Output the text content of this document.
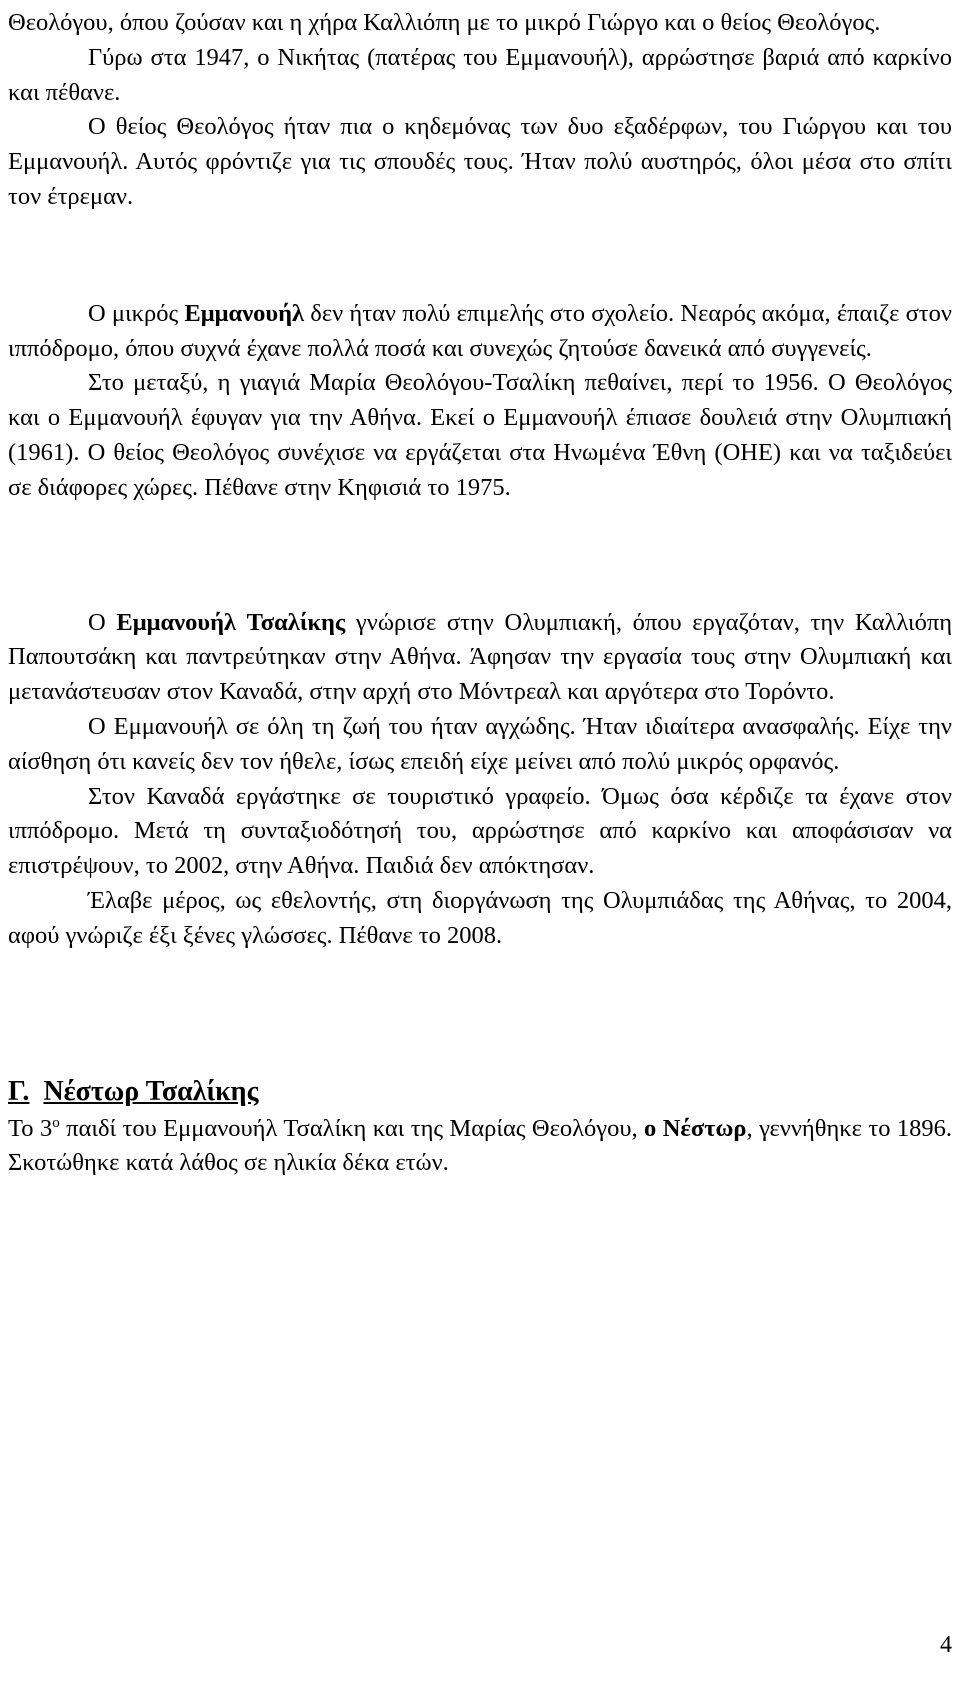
Θεολόγου, όπου ζούσαν και η χήρα Καλλιόπη με το μικρό Γιώργο και ο θείος Θεολόγος.

Γύρω στα 1947, ο Νικήτας (πατέρας του Εμμανουήλ), αρρώστησε βαριά από καρκίνο και πέθανε.

Ο θείος Θεολόγος ήταν πια ο κηδεμόνας των δυο εξαδέρφων, του Γιώργου και του Εμμανουήλ. Αυτός φρόντιζε για τις σπουδές τους. Ήταν πολύ αυστηρός, όλοι μέσα στο σπίτι τον έτρεμαν.

Ο μικρός Εμμανουήλ δεν ήταν πολύ επιμελής στο σχολείο. Νεαρός ακόμα, έπαιζε στον ιππόδρομο, όπου συχνά έχανε πολλά ποσά και συνεχώς ζητούσε δανεικά από συγγενείς.

Στο μεταξύ, η γιαγιά Μαρία Θεολόγου-Τσαλίκη πεθαίνει, περί το 1956. Ο Θεολόγος και ο Εμμανουήλ έφυγαν για την Αθήνα. Εκεί ο Εμμανουήλ έπιασε δουλειά στην Ολυμπιακή (1961). Ο θείος Θεολόγος συνέχισε να εργάζεται στα Ηνωμένα Έθνη (ΟΗΕ) και να ταξιδεύει σε διάφορες χώρες. Πέθανε στην Κηφισιά το 1975.

Ο Εμμανουήλ Τσαλίκης γνώρισε στην Ολυμπιακή, όπου εργαζόταν, την Καλλιόπη Παπουτσάκη και παντρεύτηκαν στην Αθήνα. Άφησαν την εργασία τους στην Ολυμπιακή και μετανάστευσαν στον Καναδά, στην αρχή στο Μόντρεαλ και αργότερα στο Τορόντο.

Ο Εμμανουήλ σε όλη τη ζωή του ήταν αγχώδης. Ήταν ιδιαίτερα ανασφαλής. Είχε την αίσθηση ότι κανείς δεν τον ήθελε, ίσως επειδή είχε μείνει από πολύ μικρός ορφανός.

Στον Καναδά εργάστηκε σε τουριστικό γραφείο. Όμως όσα κέρδιζε τα έχανε στον ιππόδρομο. Μετά τη συνταξιοδότησή του, αρρώστησε από καρκίνο και αποφάσισαν να επιστρέψουν, το 2002, στην Αθήνα. Παιδιά δεν απόκτησαν.

Έλαβε μέρος, ως εθελοντής, στη διοργάνωση της Ολυμπιάδας της Αθήνας, το 2004, αφού γνώριζε έξι ξένες γλώσσες. Πέθανε το 2008.

Γ. Νέστωρ Τσαλίκης

Το $3^o$ παιδί του Εμμανουήλ Τσαλίκη και της Μαρίας Θεολόγου, ο Νέστωρ, γεννήθηκε το 1896. Σκοτώθηκε κατά λάθος σε ηλικία δέκα ετών.

4
